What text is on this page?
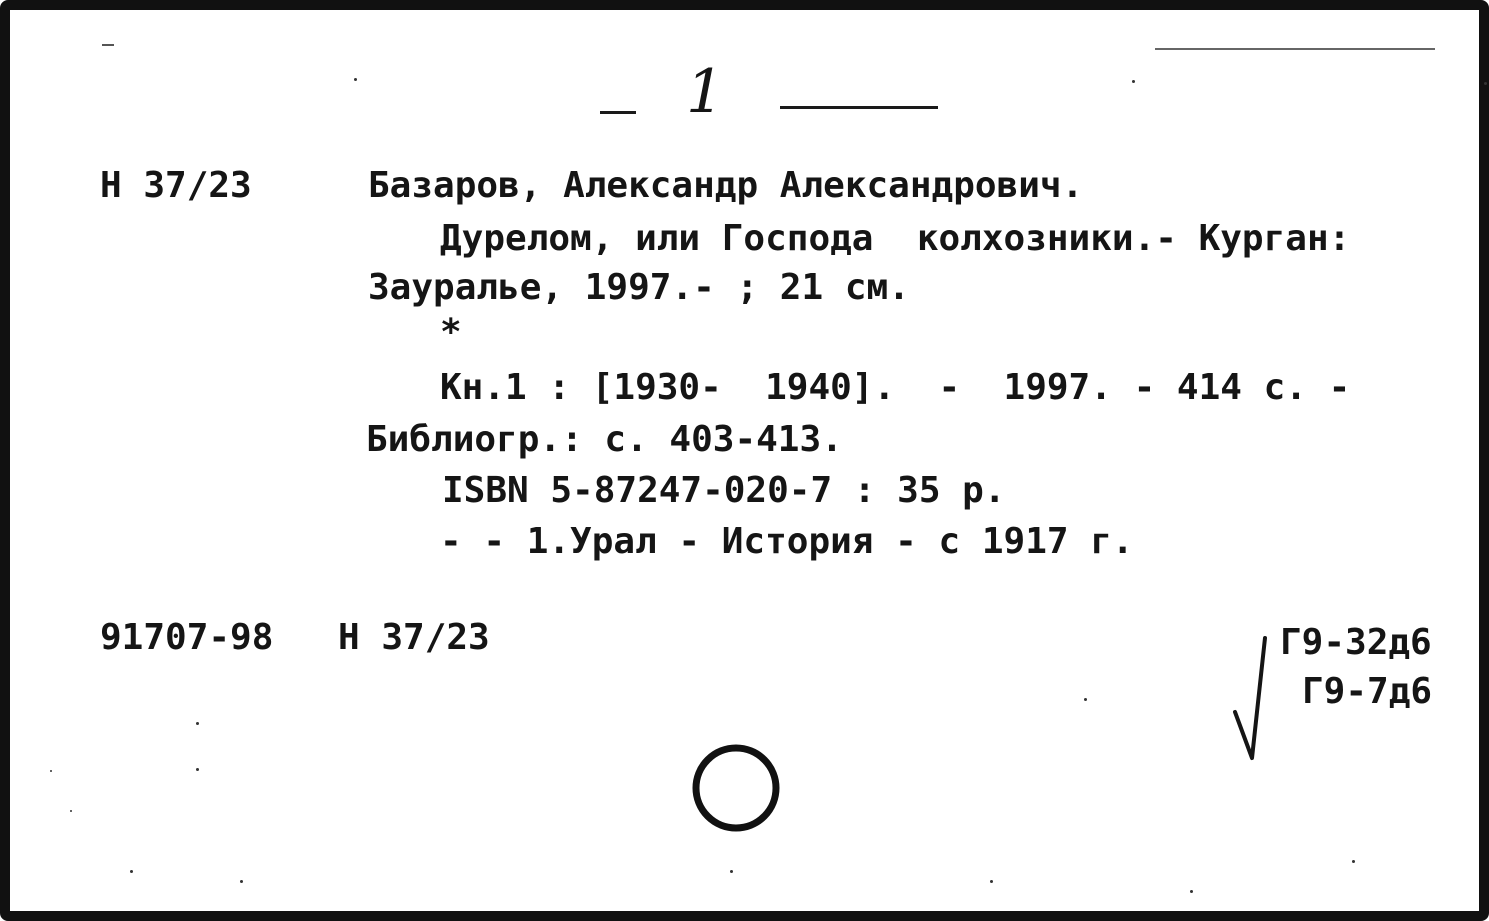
1
Н 37/23	Базаров, Александр Александрович.
Дурелом, или Господа  колхозники.- Курган:
Зауралье, 1997.- ; 21 см.
*
Кн.1 : [1930-  1940].  -  1997. - 414 с. -
Библиогр.: с. 403-413.
ISBN 5-87247-020-7 : 35 р.
- - 1.Урал - История - с 1917 г.
91707-98 Н 37/23	Г9-32д6
Г9-7д6
